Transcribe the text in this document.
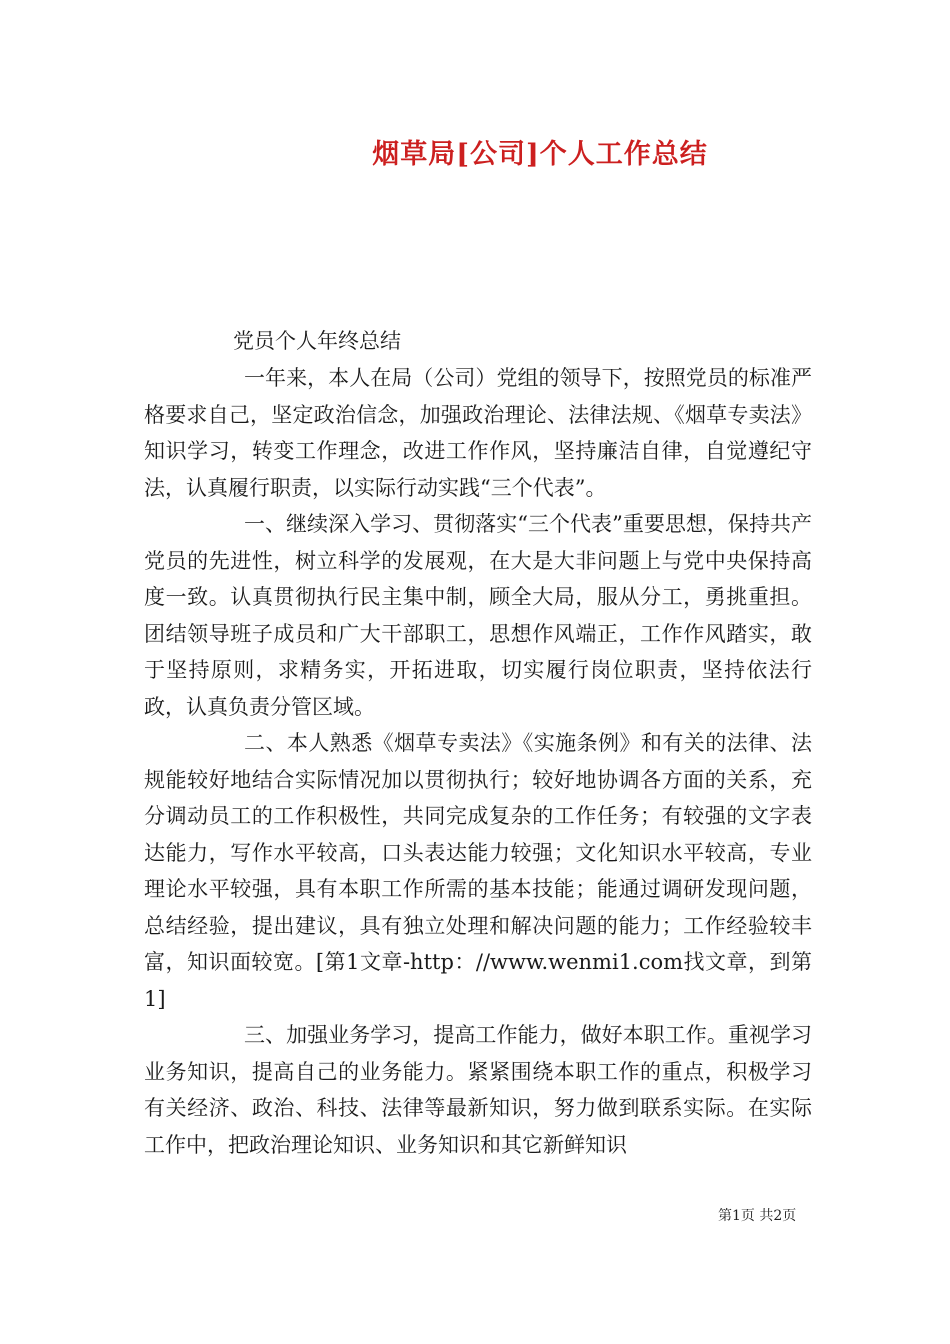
烟草局[公司]个人工作总结

党员个人年终总结

一年来，本人在局（公司）党组的领导下，按照党员的标准严格要求自己，坚定政治信念，加强政治理论、法律法规、《烟草专卖法》知识学习，转变工作理念，改进工作作风，坚持廉洁自律，自觉遵纪守法，认真履行职责，以实际行动实践“三个代表”。

一、继续深入学习、贯彻落实“三个代表”重要思想，保持共产党员的先进性，树立科学的发展观，在大是大非问题上与党中央保持高度一致。认真贯彻执行民主集中制，顾全大局，服从分工，勇挑重担。团结领导班子成员和广大干部职工，思想作风端正，工作作风踏实，敢于坚持原则，求精务实，开拓进取，切实履行岗位职责，坚持依法行政，认真负责分管区域。

二、本人熟悉《烟草专卖法》《实施条例》和有关的法律、法规能较好地结合实际情况加以贯彻执行；较好地协调各方面的关系，充分调动员工的工作积极性，共同完成复杂的工作任务；有较强的文字表达能力，写作水平较高，口头表达能力较强；文化知识水平较高，专业理论水平较强，具有本职工作所需的基本技能；能通过调研发现问题，总结经验，提出建议，具有独立处理和解决问题的能力；工作经验较丰富，知识面较宽。[第1文章-http：//www.wenmi1.com找文章，到第1]

三、加强业务学习，提高工作能力，做好本职工作。重视学习业务知识，提高自己的业务能力。紧紧围绕本职工作的重点，积极学习有关经济、政治、科技、法律等最新知识，努力做到联系实际。在实际工作中，把政治理论知识、业务知识和其它新鲜知识

第1页 共2页
